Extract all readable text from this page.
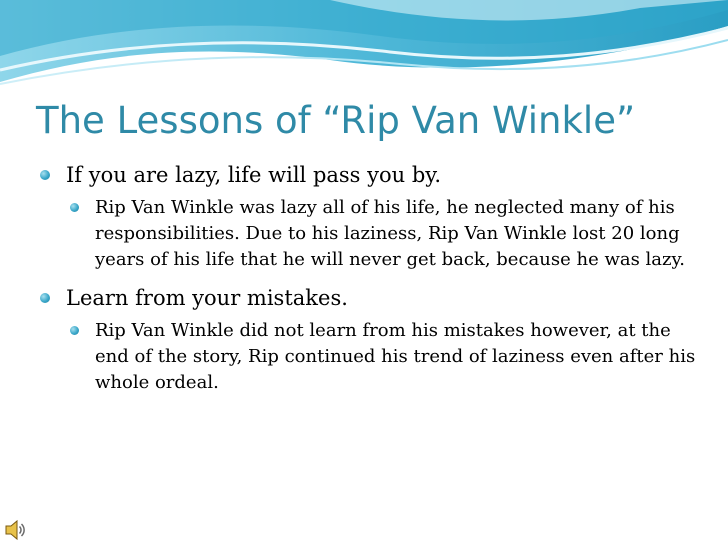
The Lessons of “Rip Van Winkle”
If you are lazy, life will pass you by.
Rip Van Winkle was lazy all of his life, he neglected many of his responsibilities. Due to his laziness, Rip Van Winkle lost 20 long years of his life that he will never get back, because he was lazy.
Learn from your mistakes.
Rip Van Winkle did not learn from his mistakes however, at the end of the story, Rip continued his trend of laziness even after his whole ordeal.
